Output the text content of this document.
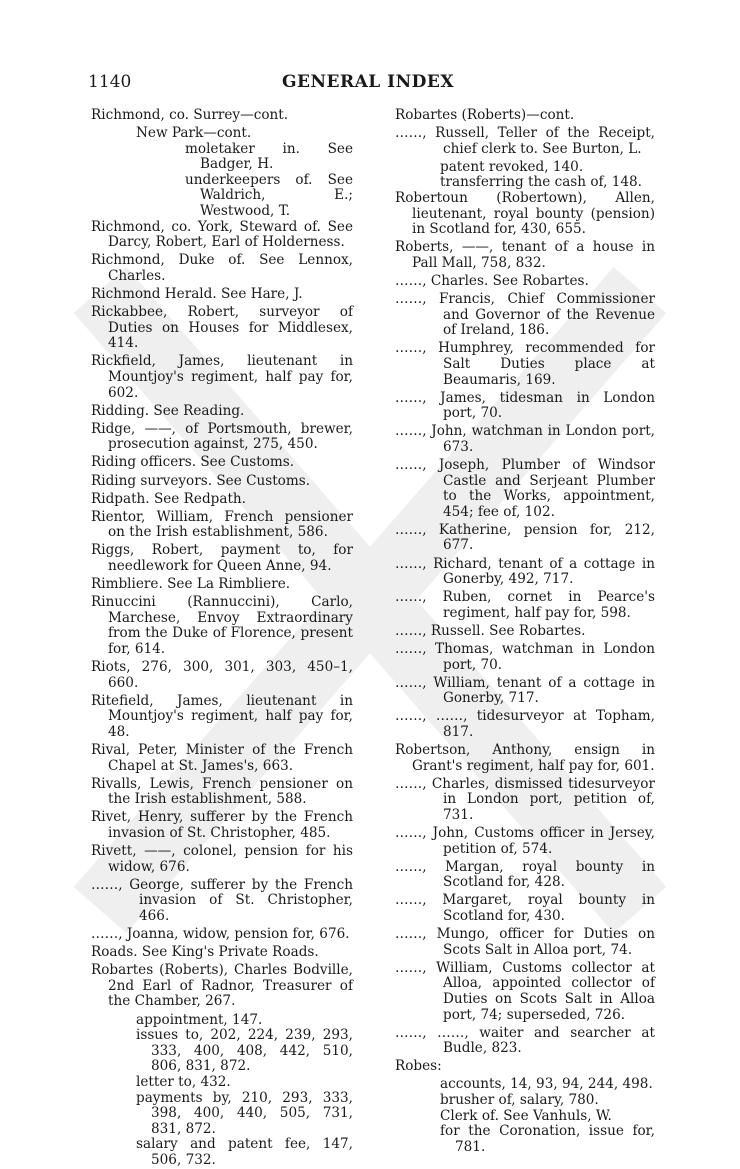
1140	GENERAL INDEX
Richmond, co. Surrey—cont.
New Park—cont.
moletaker in. See Badger, H.
underkeepers of. See Waldrich, E.; Westwood, T.
Richmond, co. York, Steward of. See Darcy, Robert, Earl of Holderness.
Richmond, Duke of. See Lennox, Charles.
Richmond Herald. See Hare, J.
Rickabbee, Robert, surveyor of Duties on Houses for Middlesex, 414.
Rickfield, James, lieutenant in Mountjoy's regiment, half pay for, 602.
Ridding. See Reading.
Ridge, ——, of Portsmouth, brewer, prosecution against, 275, 450.
Riding officers. See Customs.
Riding surveyors. See Customs.
Ridpath. See Redpath.
Rientor, William, French pensioner on the Irish establishment, 586.
Riggs, Robert, payment to, for needlework for Queen Anne, 94.
Rimbliere. See La Rimbliere.
Rinuccini (Rannuccini), Carlo, Marchese, Envoy Extraordinary from the Duke of Florence, present for, 614.
Riots, 276, 300, 301, 303, 450–1, 660.
Ritefield, James, lieutenant in Mountjoy's regiment, half pay for, 48.
Rival, Peter, Minister of the French Chapel at St. James's, 663.
Rivalls, Lewis, French pensioner on the Irish establishment, 588.
Rivet, Henry, sufferer by the French invasion of St. Christopher, 485.
Rivett, ——, colonel, pension for his widow, 676.
……, George, sufferer by the French invasion of St. Christopher, 466.
……, Joanna, widow, pension for, 676.
Roads. See King's Private Roads.
Robartes (Roberts), Charles Bodville, 2nd Earl of Radnor, Treasurer of the Chamber, 267.
appointment, 147.
issues to, 202, 224, 239, 293, 333, 400, 408, 442, 510, 806, 831, 872.
letter to, 432.
payments by, 210, 293, 333, 398, 400, 440, 505, 731, 831, 872.
salary and patent fee, 147, 506, 732.
Robartes (Roberts)—cont.
……, Russell, Teller of the Receipt, chief clerk to. See Burton, L.
patent revoked, 140.
transferring the cash of, 148.
Robertoun (Robertown), Allen, lieutenant, royal bounty (pension) in Scotland for, 430, 655.
Roberts, ——, tenant of a house in Pall Mall, 758, 832.
……, Charles. See Robartes.
……, Francis, Chief Commissioner and Governor of the Revenue of Ireland, 186.
……, Humphrey, recommended for Salt Duties place at Beaumaris, 169.
……, James, tidesman in London port, 70.
……, John, watchman in London port, 673.
……, Joseph, Plumber of Windsor Castle and Serjeant Plumber to the Works, appointment, 454; fee of, 102.
……, Katherine, pension for, 212, 677.
……, Richard, tenant of a cottage in Gonerby, 492, 717.
……, Ruben, cornet in Pearce's regiment, half pay for, 598.
……, Russell. See Robartes.
……, Thomas, watchman in London port, 70.
……, William, tenant of a cottage in Gonerby, 717.
……, ……, tidesurveyor at Topham, 817.
Robertson, Anthony, ensign in Grant's regiment, half pay for, 601.
……, Charles, dismissed tidesurveyor in London port, petition of, 731.
……, John, Customs officer in Jersey, petition of, 574.
……, Margan, royal bounty in Scotland for, 428.
……, Margaret, royal bounty in Scotland for, 430.
……, Mungo, officer for Duties on Scots Salt in Alloa port, 74.
……, William, Customs collector at Alloa, appointed collector of Duties on Scots Salt in Alloa port, 74; superseded, 726.
……, ……, waiter and searcher at Budle, 823.
Robes:
accounts, 14, 93, 94, 244, 498.
brusher of, salary, 780.
Clerk of. See Vanhuls, W.
for the Coronation, issue for, 781.
